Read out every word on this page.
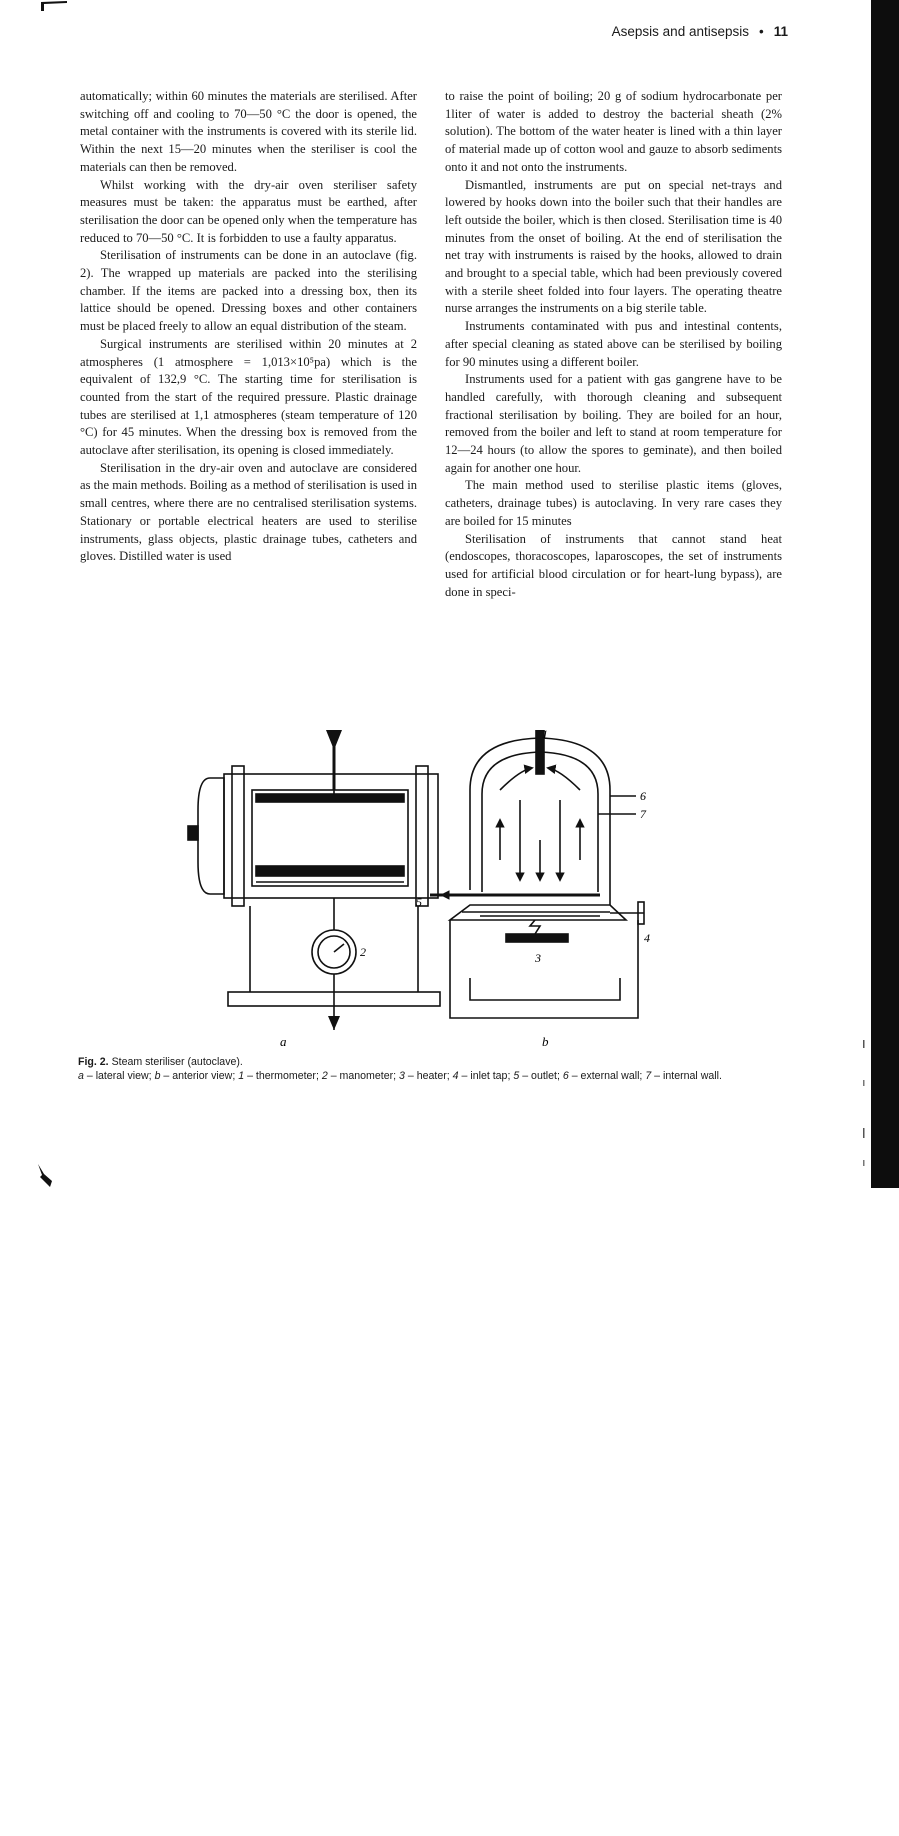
Asepsis and antisepsis • 11

automatically; within 60 minutes the materials are sterilised. After switching off and cooling to 70—50 °C the door is opened, the metal container with the instruments is covered with its sterile lid. Within the next 15—20 minutes when the steriliser is cool the materials can then be removed.

Whilst working with the dry-air oven steriliser safety measures must be taken: the apparatus must be earthed, after sterilisation the door can be opened only when the temperature has reduced to 70—50 °C. It is forbidden to use a faulty apparatus.

Sterilisation of instruments can be done in an autoclave (fig. 2). The wrapped up materials are packed into the sterilising chamber. If the items are packed into a dressing box, then its lattice should be opened. Dressing boxes and other containers must be placed freely to allow an equal distribution of the steam.

Surgical instruments are sterilised within 20 minutes at 2 atmospheres (1 atmosphere = 1,013×10⁵pa) which is the equivalent of 132,9 °C. The starting time for sterilisation is counted from the start of the required pressure. Plastic drainage tubes are sterilised at 1,1 atmospheres (steam temperature of 120 °C) for 45 minutes. When the dressing box is removed from the autoclave after sterilisation, its opening is closed immediately.

Sterilisation in the dry-air oven and autoclave are considered as the main methods. Boiling as a method of sterilisation is used in small centres, where there are no centralised sterilisation systems. Stationary or portable electrical heaters are used to sterilise instruments, glass objects, plastic drainage tubes, catheters and gloves. Distilled water is used

to raise the point of boiling; 20 g of sodium hydrocarbonate per 1liter of water is added to destroy the bacterial sheath (2% solution). The bottom of the water heater is lined with a thin layer of material made up of cotton wool and gauze to absorb sediments onto it and not onto the instruments.

Dismantled, instruments are put on special net-trays and lowered by hooks down into the boiler such that their handles are left outside the boiler, which is then closed. Sterilisation time is 40 minutes from the onset of boiling. At the end of sterilisation the net tray with instruments is raised by the hooks, allowed to drain and brought to a special table, which had been previously covered with a sterile sheet folded into four layers. The operating theatre nurse arranges the instruments on a big sterile table.

Instruments contaminated with pus and intestinal contents, after special cleaning as stated above can be sterilised by boiling for 90 minutes using a different boiler.

Instruments used for a patient with gas gangrene have to be handled carefully, with thorough cleaning and subsequent fractional sterilisation by boiling. They are boiled for an hour, removed from the boiler and left to stand at room temperature for 12—24 hours (to allow the spores to geminate), and then boiled again for another one hour.

The main method used to sterilise plastic items (gloves, catheters, drainage tubes) is autoclaving. In very rare cases they are boiled for 15 minutes

Sterilisation of instruments that cannot stand heat (endoscopes, thoracoscopes, laparoscopes, the set of instruments used for artificial blood circulation or for heart-lung bypass), are done in speci-

a	b
1
2	3
4
5
6
7
Fig. 2. Steam steriliser (autoclave).
a – lateral view; b – anterior view; 1 – thermometer; 2 – manometer; 3 – heater; 4 – inlet tap; 5 – outlet; 6 – external wall; 7 – internal wall.
